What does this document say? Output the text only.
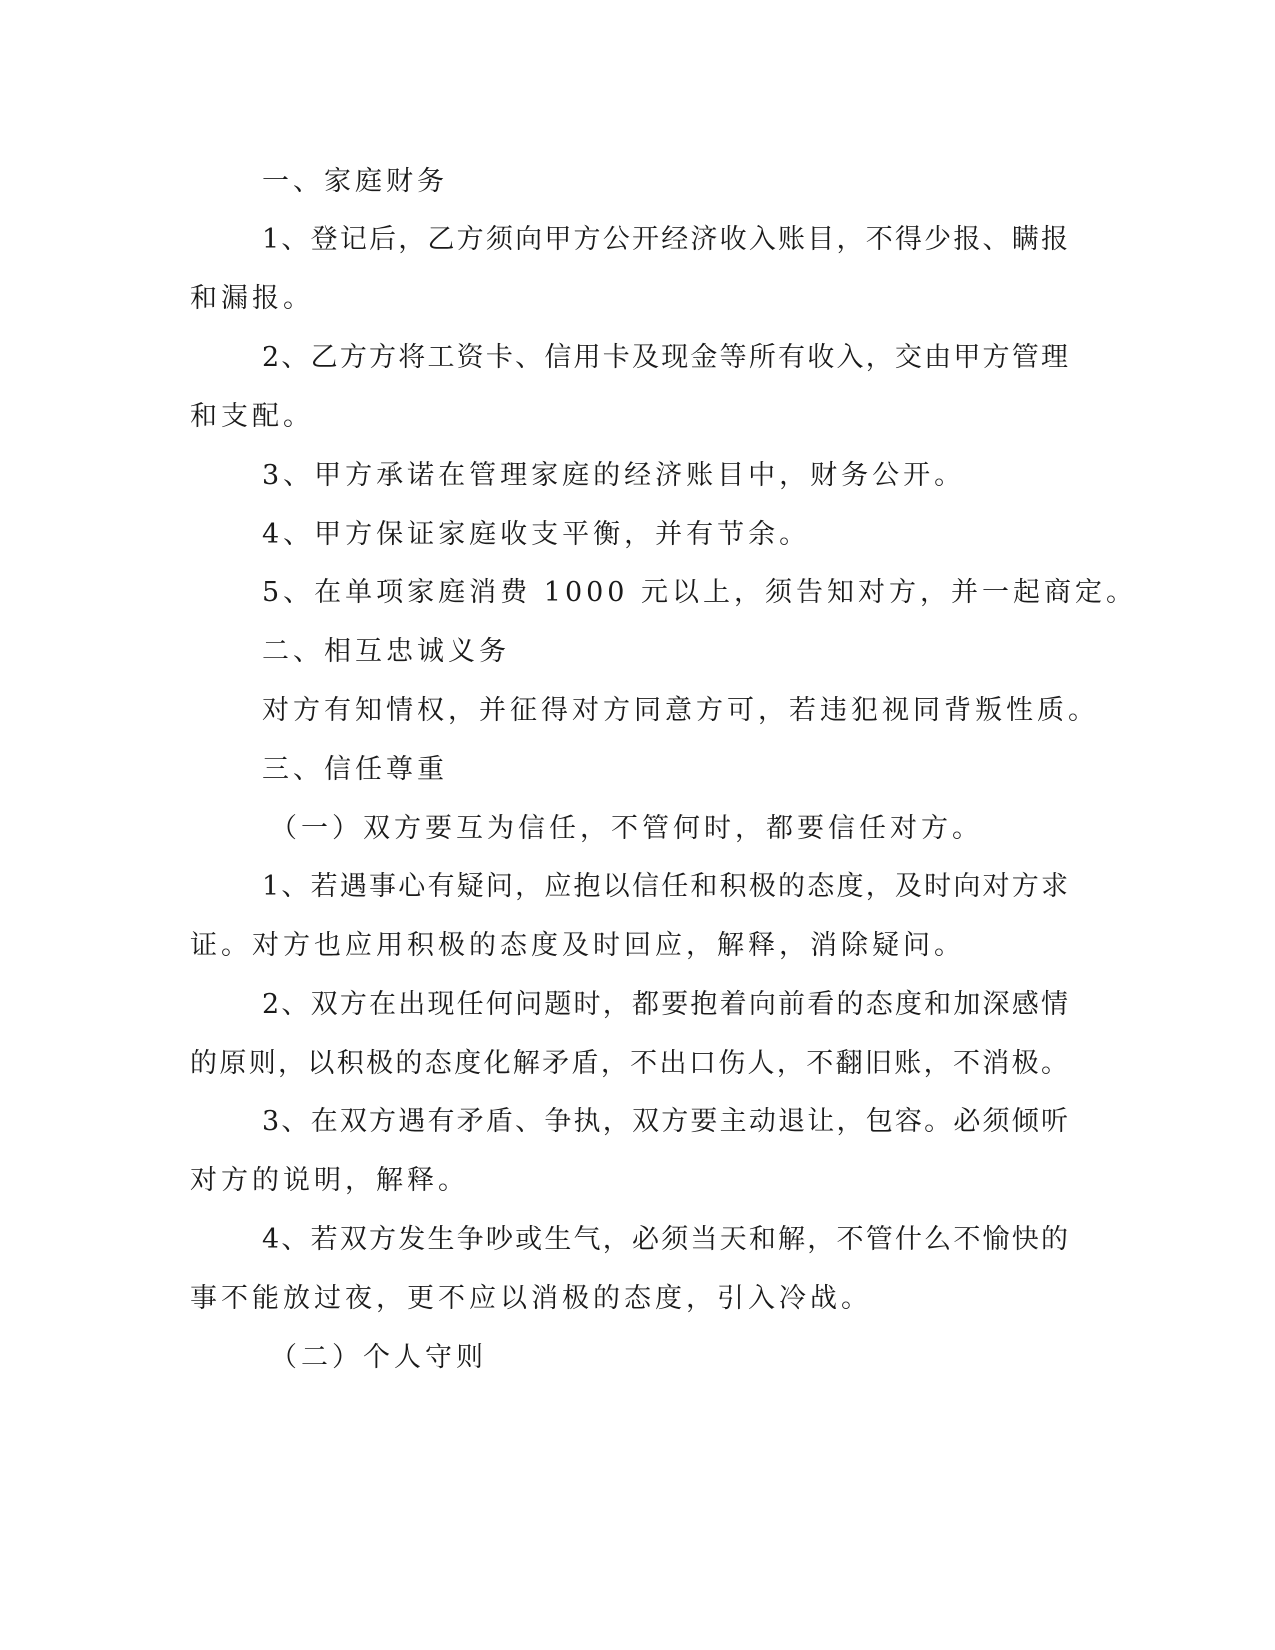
一、家庭财务

1、登记后，乙方须向甲方公开经济收入账目，不得少报、瞒报

和漏报。

2、乙方方将工资卡、信用卡及现金等所有收入，交由甲方管理

和支配。

3、甲方承诺在管理家庭的经济账目中，财务公开。

4、甲方保证家庭收支平衡，并有节余。

5、在单项家庭消费 1000 元以上，须告知对方，并一起商定。

二、相互忠诚义务

对方有知情权，并征得对方同意方可，若违犯视同背叛性质。

三、信任尊重

（一）双方要互为信任，不管何时，都要信任对方。

1、若遇事心有疑问，应抱以信任和积极的态度，及时向对方求

证。对方也应用积极的态度及时回应，解释，消除疑问。

2、双方在出现任何问题时，都要抱着向前看的态度和加深感情

的原则，以积极的态度化解矛盾，不出口伤人，不翻旧账，不消极。

3、在双方遇有矛盾、争执，双方要主动退让，包容。必须倾听

对方的说明，解释。

4、若双方发生争吵或生气，必须当天和解，不管什么不愉快的

事不能放过夜，更不应以消极的态度，引入冷战。

（二）个人守则
